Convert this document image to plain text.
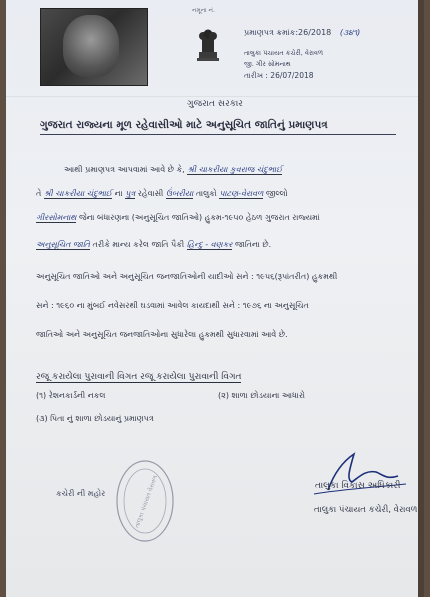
નમૂના નં.
પ્રમાણપત્ર ક્રમાંક:26/2018 (૩૪૧)
તાલુકા પંચાયત કચેરી, વેરાવળ
જી. ગીર સોમનાથ
તારીખ : 26/07/2018
ગુજરાત સરકાર
ગુજરાત રાજ્યના મૂળ રહેવાસીઓ માટે અનુસૂચિત જાતિનું પ્રમાણપત્ર
આથી પ્રમાણપત્ર આપવામાં આવે છે કે, શ્રી ચાકરીયા કુવરાજ ચંદુભાઈ
તે શ્રી ચાકરીયા ચંદુભાઈ ના પુત્ર રહેવાસી ઉંબરીયા તાલુકો પાટણ-વેરાવળ જીલ્લો
ગીરસોમનાથ જેના બંધારણના (અનુસૂચિત જાતિઓ) હુકમ-૧૯૫૦ હેઠળ ગુજરાત રાજ્યમાં
અનુસૂચિત જાતિ તરીકે માન્ય કરેલ જાતિ પૈકી હિન્દુ - વણકર જાતિના છે.
અનુસૂચિત જાતિઓ અને અનુસૂચિત જનજાતિઓની યાદીઓ સને : ૧૯૫૬(રૂપાંતરીત) હુકમથી
સને : ૧૯૬૦ ના મુંબઈ નવેસરથી ઘડવામાં આવેલ કાયદાથી સને : ૧૯૭૬ ના અનુસૂચિત
જાતિઓ અને અનુસૂચિત જનજાતિઓના સુધારેલા હુકમથી સુધારવામાં આવે છે.
રજૂ કરાયેલા પુરાવાની વિગત રજૂ કરાયેલા પુરાવાની વિગત
(૧) રેશનકાર્ડની નકલ	(૨) શાળા છોડયાના આધારો
(૩) પિતા નું શાળા છોડયાનું પ્રમાણપત્ર
કચેરી ની મહોર	તાલુકા પંચાયત વેરાવળ	તાલુકા વિકાસ અધિકારી
તાલુકા પંચાયત કચેરી, વેરાવળ
